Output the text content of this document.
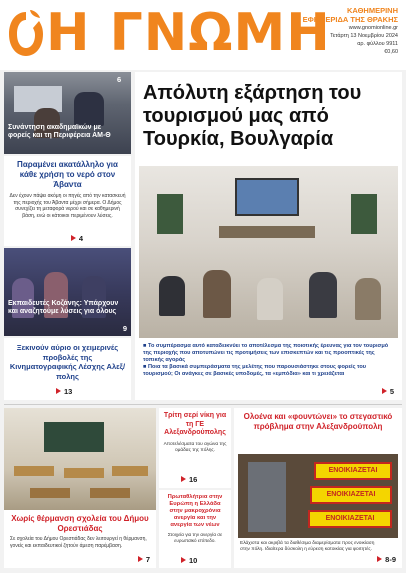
Η ΓΝΩΜΗ	ΚΑΘΗΜΕΡΙΝΗ
ΕΦΗΜΕΡΙΔΑ ΤΗΣ ΘΡΑΚΗΣ
www.gnomionline.gr
Τετάρτη 13 Νοεμβρίου 2024
αρ. φύλλου 9911
€0,60
Συνάντηση ακαδημαϊκών με φορείς και τη Περιφέρεια ΑΜ-Θ
6
Παραμένει ακατάλληλο για κάθε χρήση το νερό στον Άβαντα
Δεν έχουν πάψει ακόμη οι πηγές από την κατασκευή της περιοχής του Άβαντα μέχρι σήμερα. Ο Δήμος συνεχίζει τη μεταφορά νερού και σε καθημερινή βάση, ενώ οι κάτοικοι περιμένουν λύσεις.
4
Εκπαιδευτές Κοζάνης: Υπάρχουν και αναζητούμε λύσεις για όλους
9
Ξεκινούν αύριο οι χειμερινές προβολές της Κινηματογραφικής Λέσχης Αλεξ/πολης
13
Απόλυτη εξάρτηση του τουρισμού μας από Τουρκία, Βουλγαρία
■ Το συμπέρασμα αυτό καταδεικνύει το αποτέλεσμα της ποιοτικής έρευνας για τον τουρισμό της περιοχής που αποτυπώνει τις προτιμήσεις των επισκεπτών και τις προοπτικές της τοπικής αγοράς
■ Ποια τα βασικά συμπεράσματα της μελέτης που παρουσιάστηκε στους φορείς του τουρισμού; Οι ανάγκες σε βασικές υποδομές, τα «εμπόδια» και τι χρειάζεται
5
Χωρίς θέρμανση σχολεία του Δήμου Ορεστιάδας
Σε σχολεία του Δήμου Ορεστιάδας δεν λειτουργεί η θέρμανση, γονείς και εκπαιδευτικοί ζητούν άμεση παρέμβαση.
7
Τρίτη σερί νίκη για τη ΓΕ Αλεξανδρούπολης
Αποτελέσματα του αγώνα της ομάδας της πόλης.
16
Πρωταθλήτρια στην Ευρώπη η Ελλάδα στην μακροχρόνια ανεργία και την ανεργία των νέων
Στοιχεία για την ανεργία σε ευρωπαϊκό επίπεδο.
10
Ολοένα και «φουντώνει» το στεγαστικό πρόβλημα στην Αλεξανδρούπολη
ΕΝΟΙΚΙΑΖΕΤΑΙ
ΕΝΟΙΚΙΑΖΕΤΑΙ
ΕΝΟΙΚΙΑΖΕΤΑΙ
Ελάχιστα και ακριβά τα διαθέσιμα διαμερίσματα προς ενοικίαση στην πόλη. Ιδιαίτερα δύσκολη η εύρεση κατοικίας για φοιτητές.
8-9
